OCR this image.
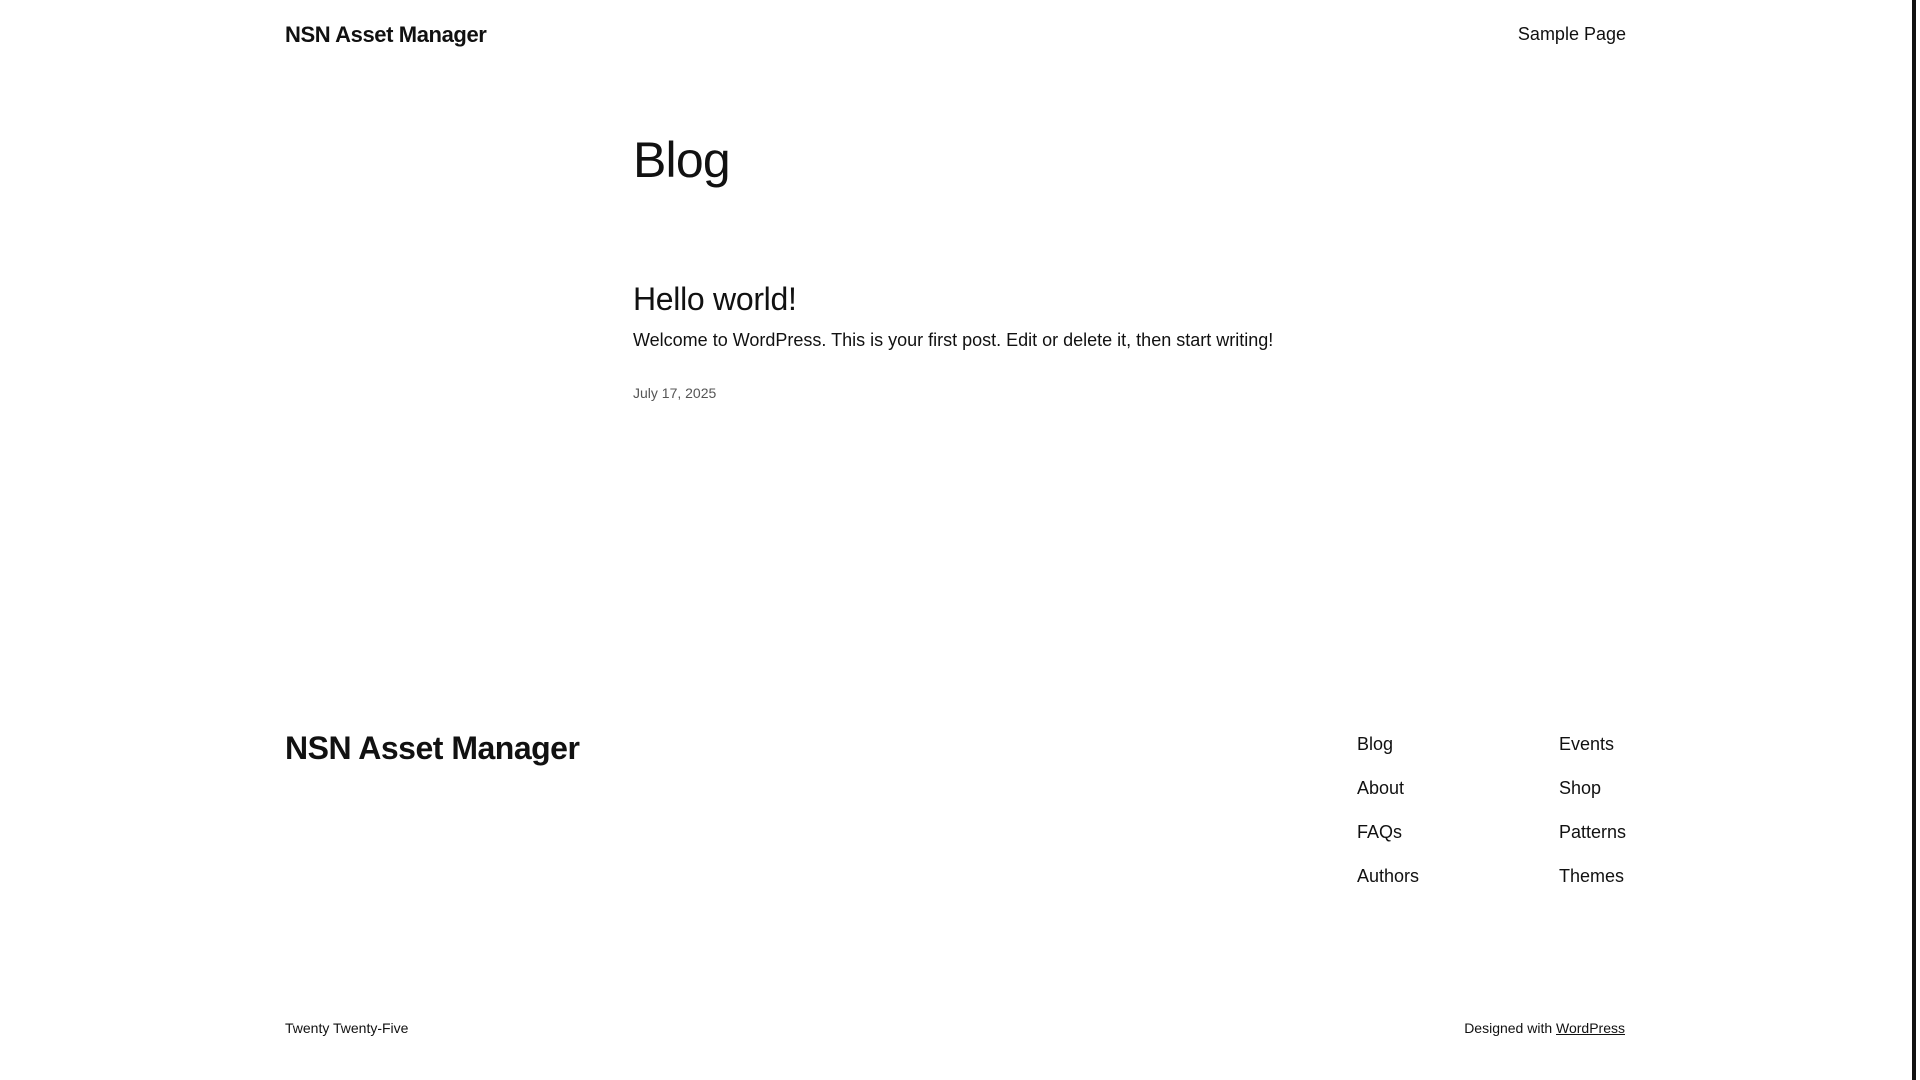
NSN Asset Manager	Sample Page
Blog
Hello world!
Welcome to WordPress. This is your first post. Edit or delete it, then start writing!
July 17, 2025
NSN Asset Manager	Blog
About
FAQs
Authors
Events
Shop
Patterns
Themes
Twenty Twenty-Five	Designed with WordPress
